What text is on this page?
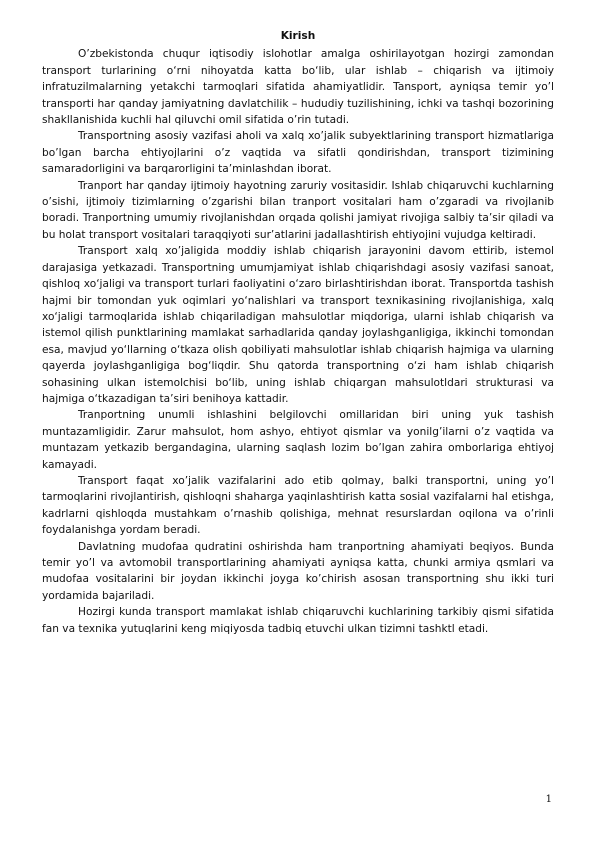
Kirish

O’zbekistonda chuqur iqtisodiy islohotlar amalga oshirilayotgan hozirgi zamondan transport turlarining o‘rni nihoyatda katta bo‘lib, ular ishlab – chiqarish va ijtimoiy infratuzilmalarning yetakchi tarmoqlari sifatida ahamiyatlidir. Tansport, ayniqsa temir yo’l transporti har qanday jamiyatning davlatchilik – hududiy tuzilishining, ichki va tashqi bozorining shakllanishida kuchli hal qiluvchi omil sifatida o’rin tutadi.

Transportning asosiy vazifasi aholi va xalq xo’jalik subyektlarining transport hizmatlariga bo’lgan barcha ehtiyojlarini o’z vaqtida va sifatli qondirishdan, transport tizimining samaradorligini va barqarorligini ta’minlashdan iborat.

Tranport har qanday ijtimoiy hayotning zaruriy vositasidir. Ishlab chiqaruvchi kuchlarning o’sishi, ijtimoiy tizimlarning o’zgarishi bilan tranport vositalari ham o’zgaradi va rivojlanib boradi. Tranportning umumiy rivojlanishdan orqada qolishi jamiyat rivojiga salbiy ta’sir qiladi va bu holat transport vositalari taraqqiyoti sur’atlarini jadallashtirish ehtiyojini vujudga keltiradi.

Transport xalq xo’jaligida moddiy ishlab chiqarish jarayonini davom ettirib, istemol darajasiga yetkazadi. Transportning umumjamiyat ishlab chiqarishdagi asosiy vazifasi sanoat, qishloq xo‘jaligi va transport turlari faoliyatini o‘zaro birlashtirishdan iborat. Transportda tashish hajmi bir tomondan yuk oqimlari yo‘nalishlari va transport texnikasining rivojlanishiga, xalq xo‘jaligi tarmoqlarida ishlab chiqariladigan mahsulotlar miqdoriga, ularni ishlab chiqarish va istemol qilish punktlarining mamlakat sarhadlarida qanday joylashganligiga, ikkinchi tomondan esa, mavjud yo‘llarning o‘tkaza olish qobiliyati mahsulotlar ishlab chiqarish hajmiga va ularning qayerda joylashganligiga bog‘liqdir. Shu qatorda transportning o‘zi ham ishlab chiqarish sohasining ulkan istemolchisi bo‘lib, uning ishlab chiqargan mahsulotldari strukturasi va hajmiga o‘tkazadigan ta’siri benihoya kattadir.

Tranportning unumli ishlashini belgilovchi omillaridan biri uning yuk tashish muntazamligidir. Zarur mahsulot, hom ashyo, ehtiyot qismlar va yonilg’ilarni o’z vaqtida va muntazam yetkazib bergandagina, ularning saqlash lozim bo’lgan zahira omborlariga ehtiyoj kamayadi.

Transport faqat xo’jalik vazifalarini ado etib qolmay, balki transportni, uning yo’l tarmoqlarini rivojlantirish, qishloqni shaharga yaqinlashtirish katta sosial vazifalarni hal etishga, kadrlarni qishloqda mustahkam o’rnashib qolishiga, mehnat resurslardan oqilona va o’rinli foydalanishga yordam beradi.

Davlatning mudofaa qudratini oshirishda ham tranportning ahamiyati beqiyos. Bunda temir yo’l va avtomobil transportlarining ahamiyati ayniqsa katta, chunki armiya qsmlari va mudofaa vositalarini bir joydan ikkinchi joyga ko’chirish asosan transportning shu ikki turi yordamida bajariladi.

Hozirgi kunda transport mamlakat ishlab chiqaruvchi kuchlarining tarkibiy qismi sifatida fan va texnika yutuqlarini keng miqiyosda tadbiq etuvchi ulkan tizimni tashktl etadi.

1
